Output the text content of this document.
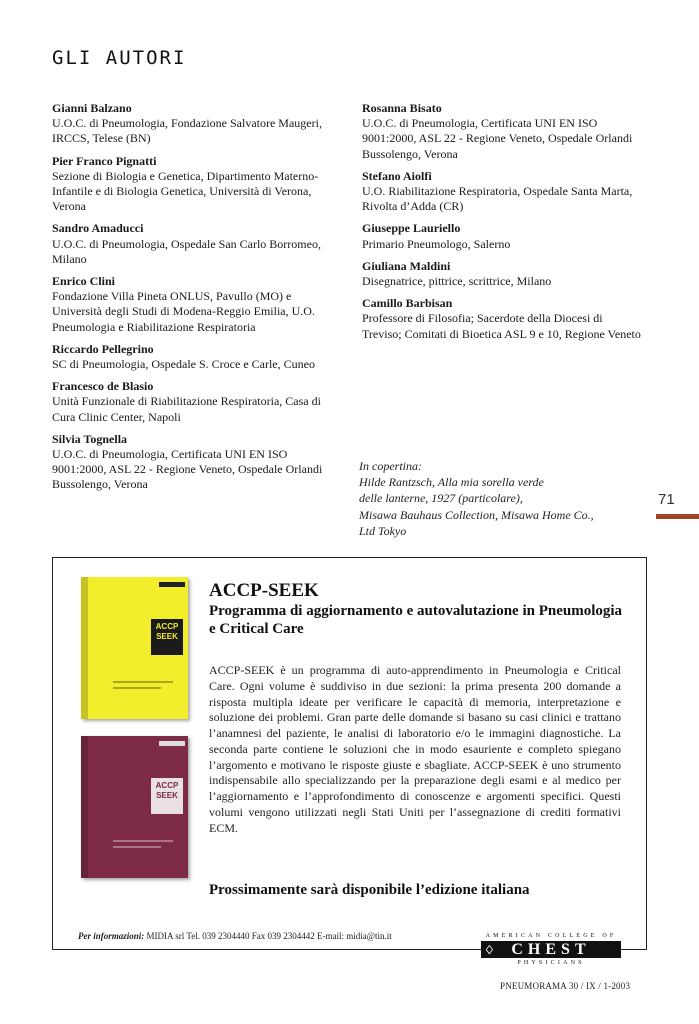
GLI AUTORI
Gianni Balzano
U.O.C. di Pneumologia, Fondazione Salvatore Maugeri, IRCCS, Telese (BN)
Pier Franco Pignatti
Sezione di Biologia e Genetica, Dipartimento Materno-Infantile e di Biologia Genetica, Università di Verona, Verona
Sandro Amaducci
U.O.C. di Pneumologia, Ospedale San Carlo Borromeo, Milano
Enrico Clini
Fondazione Villa Pineta ONLUS, Pavullo (MO) e Università degli Studi di Modena-Reggio Emilia, U.O. Pneumologia e Riabilitazione Respiratoria
Riccardo Pellegrino
SC di Pneumologia, Ospedale S. Croce e Carle, Cuneo
Francesco de Blasio
Unità Funzionale di Riabilitazione Respiratoria, Casa di Cura Clinic Center, Napoli
Silvia Tognella
U.O.C. di Pneumologia, Certificata UNI EN ISO 9001:2000, ASL 22 - Regione Veneto, Ospedale Orlandi Bussolengo, Verona
Rosanna Bisato
U.O.C. di Pneumologia, Certificata UNI EN ISO 9001:2000, ASL 22 - Regione Veneto, Ospedale Orlandi Bussolengo, Verona
Stefano Aiolfi
U.O. Riabilitazione Respiratoria, Ospedale Santa Marta, Rivolta d’Adda (CR)
Giuseppe Lauriello
Primario Pneumologo, Salerno
Giuliana Maldini
Disegnatrice, pittrice, scrittrice, Milano
Camillo Barbisan
Professore di Filosofia; Sacerdote della Diocesi di Treviso; Comitati di Bioetica ASL 9 e 10, Regione Veneto
In copertina:
Hilde Rantzsch, Alla mia sorella verde
delle lanterne, 1927 (particolare),
Misawa Bauhaus Collection, Misawa Home Co.,
Ltd Tokyo
71
ACCP
SEEK
ACCP
SEEK
ACCP-SEEK
Programma di aggiornamento e autovalutazione in Pneumologia e Critical Care
ACCP-SEEK è un programma di auto-apprendimento in Pneumologia e Critical Care. Ogni volume è suddiviso in due sezioni: la prima presenta 200 domande a risposta multipla ideate per verificare le capacità di memoria, interpretazione e soluzione dei problemi. Gran parte delle domande si basano su casi clinici e trattano l’anamnesi del paziente, le analisi di laboratorio e/o le immagini diagnostiche. La seconda parte contiene le soluzioni che in modo esauriente e completo spiegano l’argomento e motivano le risposte giuste e sbagliate. ACCP-SEEK è uno strumento indispensabile allo specializzando per la preparazione degli esami e al medico per l’aggiornamento e l’approfondimento di conoscenze e argomenti specifici. Questi volumi vengono utilizzati negli Stati Uniti per l’assegnazione di crediti formativi ECM.
Prossimamente sarà disponibile l’edizione italiana
Per informazioni: MIDIA srl Tel. 039 2304440 Fax 039 2304442 E-mail: midia@tin.it	AMERICAN COLLEGE OF
♢ CHEST
PHYSICIANS
PNEUMORAMA 30 / IX / 1-2003
